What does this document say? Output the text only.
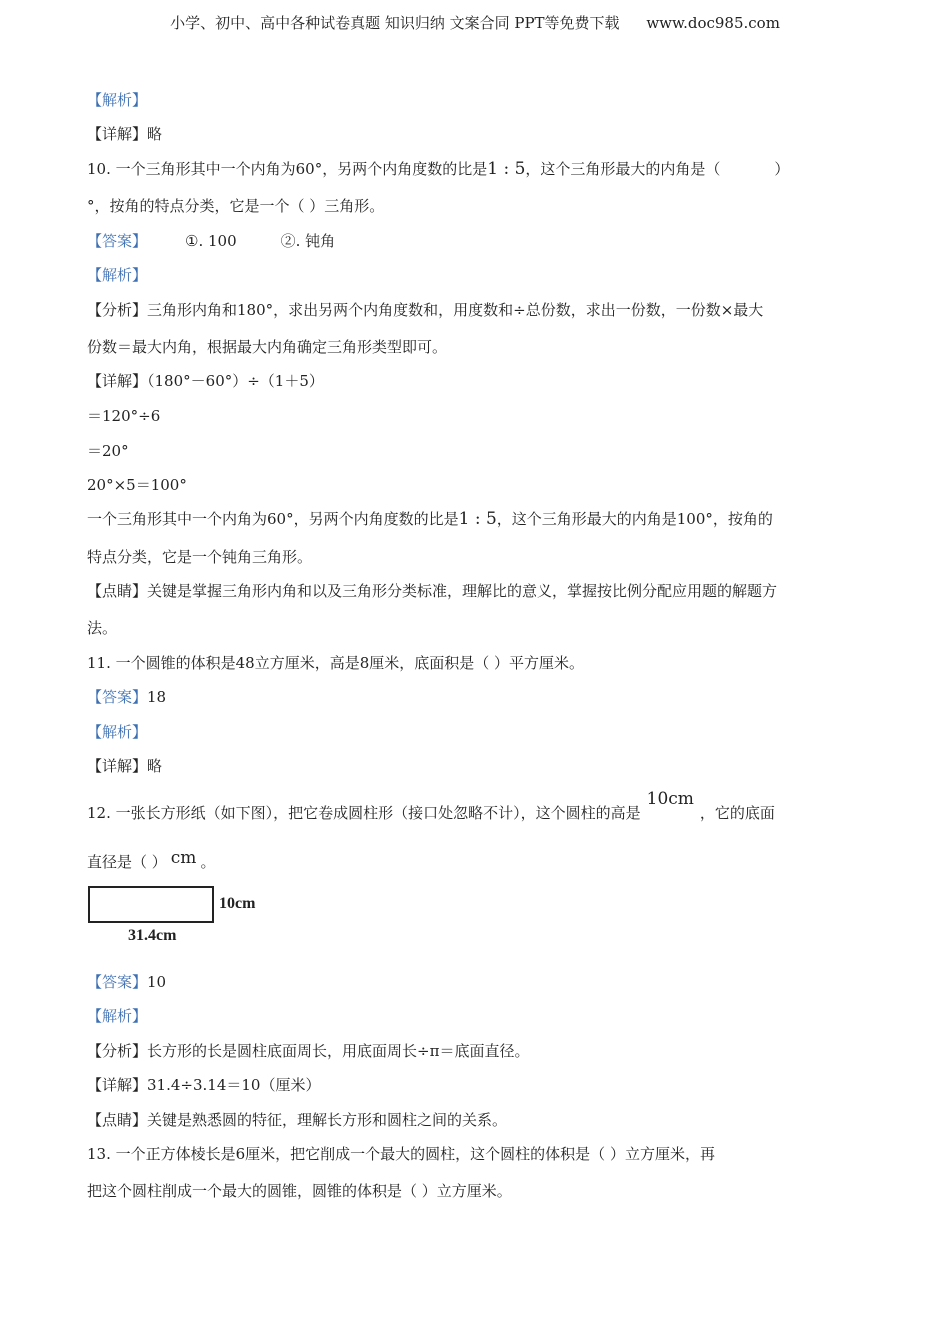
小学、初中、高中各种试卷真题 知识归纳 文案合同 PPT等免费下载 www.doc985.com
【解析】
【详解】略
10. 一个三角形其中一个内角为60°，另两个内角度数的比是1 : 5，这个三角形最大的内角是（	）
°，按角的特点分类，它是一个（ ）三角形。
【答案】	①. 100	②. 钝角
【解析】
【分析】三角形内角和180°，求出另两个内角度数和，用度数和÷总份数，求出一份数，一份数×最大
份数＝最大内角，根据最大内角确定三角形类型即可。
【详解】（180°－60°）÷（1＋5）
＝120°÷6
＝20°
20°×5＝100°
一个三角形其中一个内角为60°，另两个内角度数的比是1 : 5，这个三角形最大的内角是100°，按角的
特点分类，它是一个钝角三角形。
【点睛】关键是掌握三角形内角和以及三角形分类标准，理解比的意义，掌握按比例分配应用题的解题方
法。
11. 一个圆锥的体积是48立方厘米，高是8厘米，底面积是（ ）平方厘米。
【答案】18
【解析】
【详解】略
12. 一张长方形纸（如下图），把它卷成圆柱形（接口处忽略不计），这个圆柱的高是10cm，它的底面
直径是（ ） cm 。
10cm
31.4cm
【答案】10
【解析】
【分析】长方形的长是圆柱底面周长，用底面周长÷π＝底面直径。
【详解】31.4÷3.14＝10（厘米）
【点睛】关键是熟悉圆的特征，理解长方形和圆柱之间的关系。
13. 一个正方体棱长是6厘米，把它削成一个最大的圆柱，这个圆柱的体积是（ ）立方厘米，再
把这个圆柱削成一个最大的圆锥，圆锥的体积是（ ）立方厘米。
